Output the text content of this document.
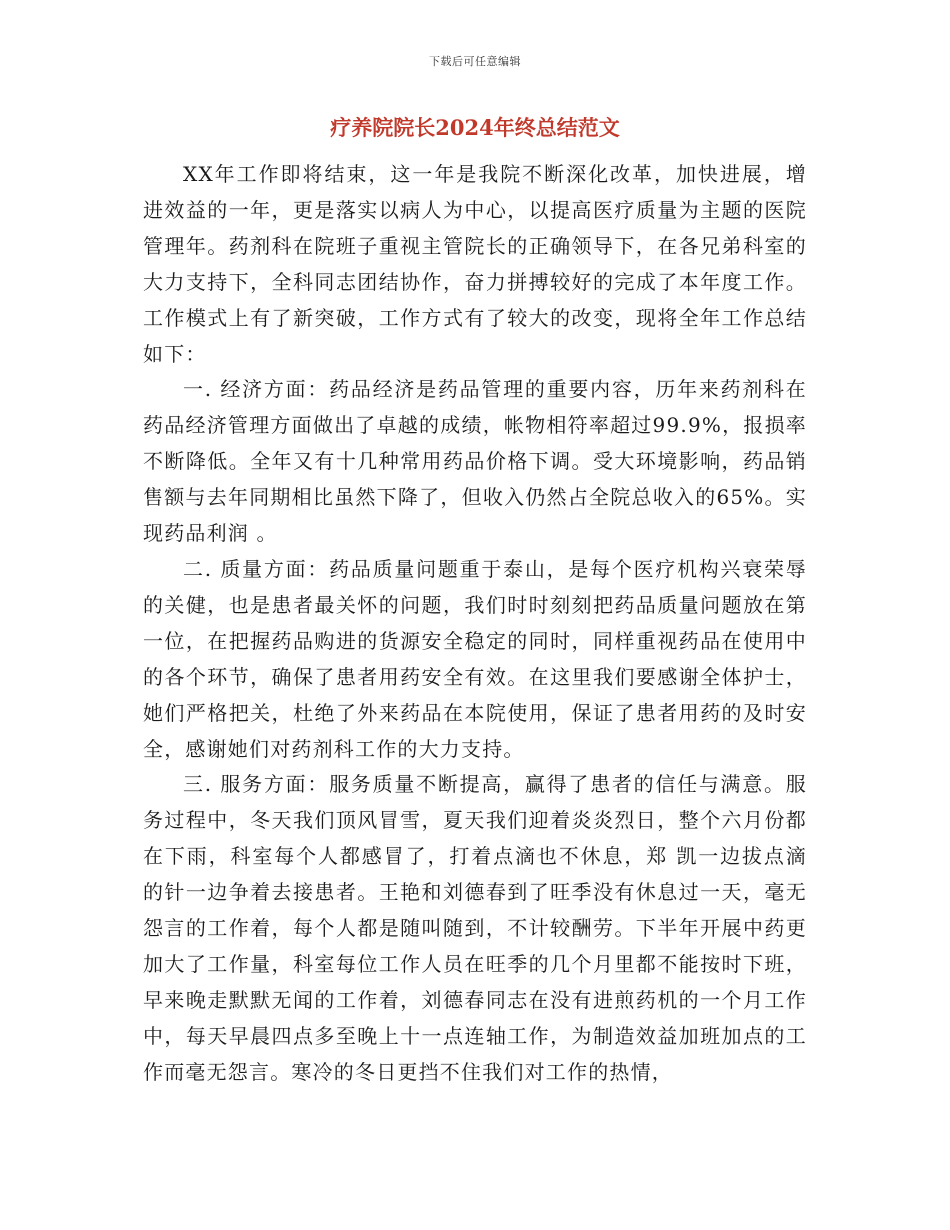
下载后可任意编辑
疗养院院长2024年终总结范文

XX年工作即将结束，这一年是我院不断深化改革，加快进展，增进效益的一年，更是落实以病人为中心，以提高医疗质量为主题的医院管理年。药剂科在院班子重视主管院长的正确领导下，在各兄弟科室的大力支持下，全科同志团结协作，奋力拼搏较好的完成了本年度工作。工作模式上有了新突破，工作方式有了较大的改变，现将全年工作总结如下：

一. 经济方面：药品经济是药品管理的重要内容，历年来药剂科在药品经济管理方面做出了卓越的成绩，帐物相符率超过99.9%，报损率不断降低。全年又有十几种常用药品价格下调。受大环境影响，药品销售额与去年同期相比虽然下降了，但收入仍然占全院总收入的65%。实现药品利润 。

二. 质量方面：药品质量问题重于泰山，是每个医疗机构兴衰荣辱的关健，也是患者最关怀的问题，我们时时刻刻把药品质量问题放在第一位，在把握药品购进的货源安全稳定的同时，同样重视药品在使用中的各个环节，确保了患者用药安全有效。在这里我们要感谢全体护士，她们严格把关，杜绝了外来药品在本院使用，保证了患者用药的及时安全，感谢她们对药剂科工作的大力支持。

三. 服务方面：服务质量不断提高，赢得了患者的信任与满意。服务过程中，冬天我们顶风冒雪，夏天我们迎着炎炎烈日，整个六月份都在下雨，科室每个人都感冒了，打着点滴也不休息，郑 凯一边拔点滴的针一边争着去接患者。王艳和刘德春到了旺季没有休息过一天，毫无怨言的工作着，每个人都是随叫随到，不计较酬劳。下半年开展中药更加大了工作量，科室每位工作人员在旺季的几个月里都不能按时下班，早来晚走默默无闻的工作着，刘德春同志在没有进煎药机的一个月工作中，每天早晨四点多至晚上十一点连轴工作，为制造效益加班加点的工作而毫无怨言。寒冷的冬日更挡不住我们对工作的热情，
